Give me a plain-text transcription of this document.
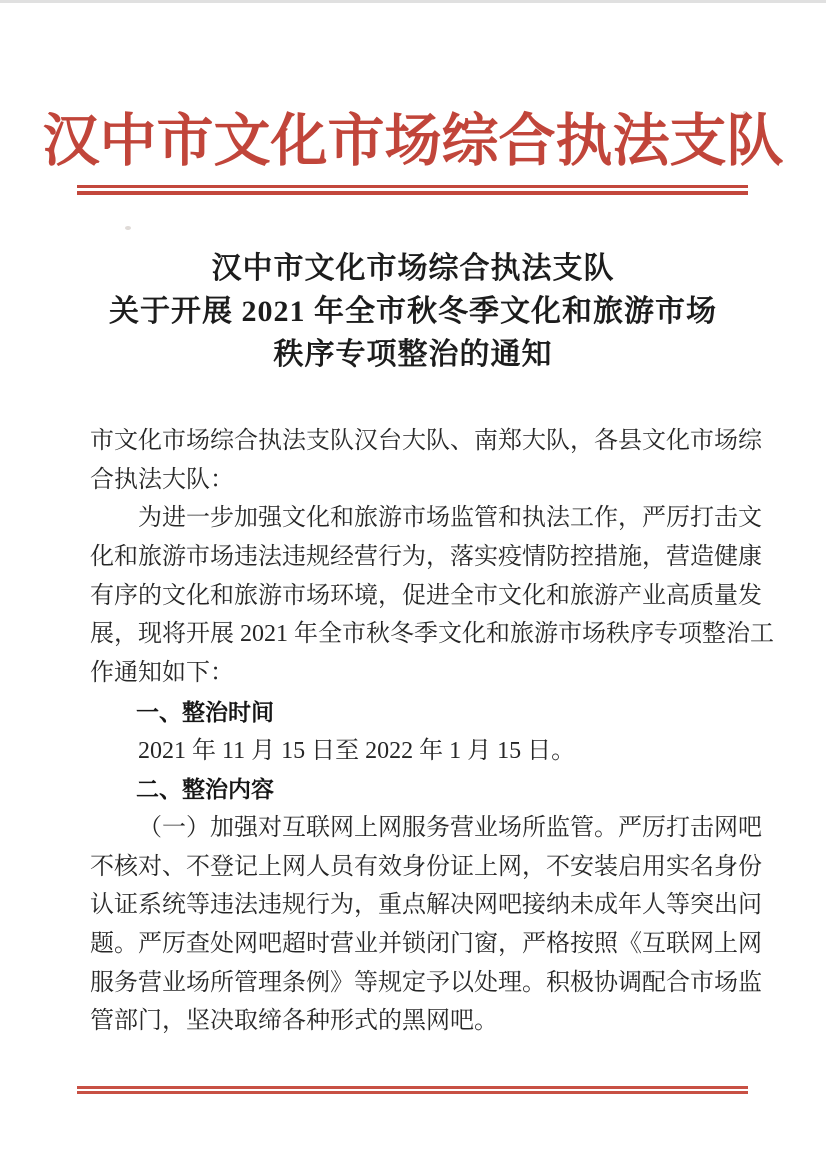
汉中市文化市场综合执法支队
汉中市文化市场综合执法支队
关于开展 2021 年全市秋冬季文化和旅游市场
秩序专项整治的通知
市文化市场综合执法支队汉台大队、南郑大队，各县文化市场综
合执法大队：
为进一步加强文化和旅游市场监管和执法工作，严厉打击文
化和旅游市场违法违规经营行为，落实疫情防控措施，营造健康
有序的文化和旅游市场环境，促进全市文化和旅游产业高质量发
展，现将开展 2021 年全市秋冬季文化和旅游市场秩序专项整治工
作通知如下：
一、整治时间
2021 年 11 月 15 日至 2022 年 1 月 15 日。
二、整治内容
（一）加强对互联网上网服务营业场所监管。严厉打击网吧
不核对、不登记上网人员有效身份证上网，不安装启用实名身份
认证系统等违法违规行为，重点解决网吧接纳未成年人等突出问
题。严厉查处网吧超时营业并锁闭门窗，严格按照《互联网上网
服务营业场所管理条例》等规定予以处理。积极协调配合市场监
管部门，坚决取缔各种形式的黑网吧。
